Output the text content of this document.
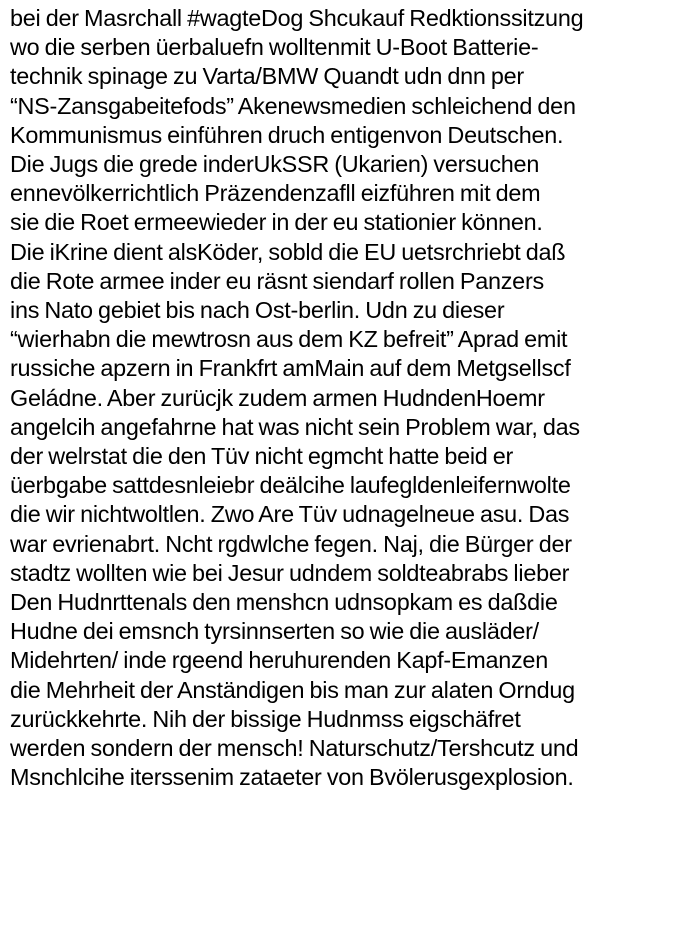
bei der Masrchall #wagteDog Shcukauf Redktionssitzung
wo die serben üerbaluefn wolltenmit U-Boot Batterie-
technik spinage zu Varta/BMW Quandt udn dnn per
“NS-Zansgabeitefods” Akenewsmedien schleichend den
Kommunismus einführen druch entigenvon Deutschen.
Die Jugs die grede inderUkSSR (Ukarien) versuchen
ennevölkerrichtlich Präzendenzafll eizführen mit dem
sie die Roet ermeewieder in der eu stationier können.
Die iKrine dient alsKöder, sobld die EU uetsrchriebt daß
die Rote armee inder eu räsnt siendarf rollen Panzers
ins Nato gebiet bis nach Ost-berlin. Udn zu dieser
“wierhabn die mewtrosn aus dem KZ befreit” Aprad emit
russiche apzern in Frankfrt amMain auf dem Metgsellscf
Geládne. Aber zurücjk zudem armen HudndenHoemr
angelcih angefahrne hat was nicht sein Problem war, das
der welrstat die den Tüv nicht egmcht hatte beid er
üerbgabe sattdesnleiebr deälcihe laufegldenleifernwolte
die wir nichtwoltlen. Zwo Are Tüv udnagelneue asu. Das
war evrienabrt. Ncht rgdwlche fegen. Naj, die Bürger der
stadtz wollten wie bei Jesur udndem soldteabrabs lieber
Den Hudnrttenals den menshcn udnsopkam es daßdie
Hudne dei emsnch tyrsinnserten so wie die ausläder/
Midehrten/ inde rgeend heruhurenden Kapf-Emanzen
die Mehrheit der Anständigen bis man zur alaten Orndug
zurückkehrte. Nih der bissige Hudnmss eigschäfret
werden sondern der mensch! Naturschutz/Tershcutz und
Msnchlcihe iterssenim zataeter von Bvölerusgexplosion.
